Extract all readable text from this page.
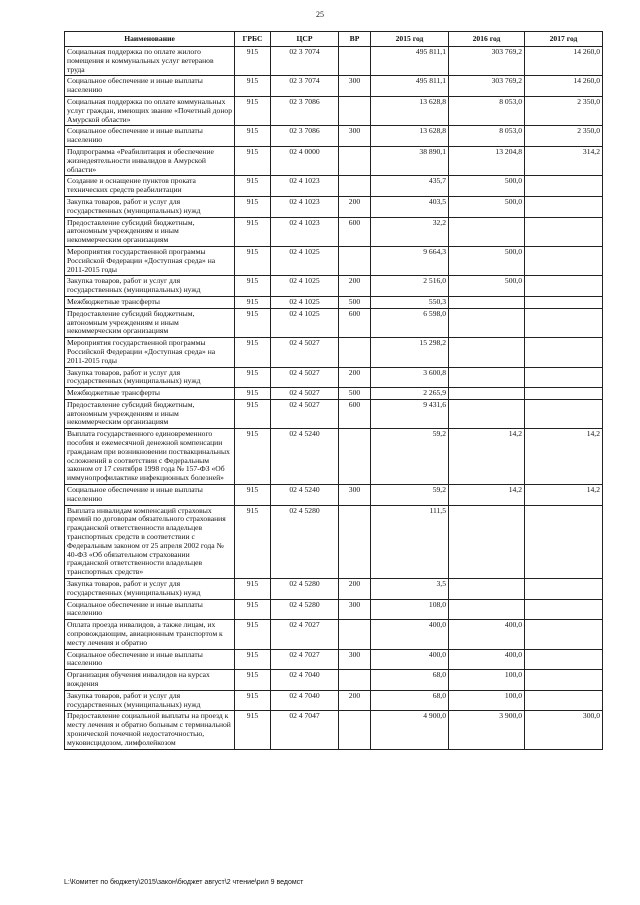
25
Наименование	ГРБС	ЦСР	ВР	2015 год	2016 год	2017 год
Социальная поддержка по оплате жилого помещения и коммунальных услуг ветеранов труда	915	02 3 7074		495 811,1	303 769,2	14 260,0
Социальное обеспечение и иные выплаты населению	915	02 3 7074	300	495 811,1	303 769,2	14 260,0
Социальная поддержка по оплате коммунальных услуг граждан, имеющих звание «Почетный донор Амурской области»	915	02 3 7086		13 628,8	8 053,0	2 350,0
Социальное обеспечение и иные выплаты населению	915	02 3 7086	300	13 628,8	8 053,0	2 350,0
Подпрограмма «Реабилитация и обеспечение жизнедеятельности инвалидов в Амурской области»	915	02 4 0000		38 890,1	13 204,8	314,2
Создание и оснащение пунктов проката технических средств реабилитации	915	02 4 1023		435,7	500,0	
Закупка товаров, работ и услуг для государственных (муниципальных) нужд	915	02 4 1023	200	403,5	500,0	
Предоставление субсидий бюджетным, автономным учреждениям и иным некоммерческим организациям	915	02 4 1023	600	32,2		
Мероприятия государственной программы Российской Федерации «Доступная среда» на 2011-2015 годы	915	02 4 1025		9 664,3	500,0	
Закупка товаров, работ и услуг для государственных (муниципальных) нужд	915	02 4 1025	200	2 516,0	500,0	
Межбюджетные трансферты	915	02 4 1025	500	550,3		
Предоставление субсидий бюджетным, автономным учреждениям и иным некоммерческим организациям	915	02 4 1025	600	6 598,0		
Мероприятия государственной программы Российской Федерации «Доступная среда» на 2011-2015 годы	915	02 4 5027		15 298,2		
Закупка товаров, работ и услуг для государственных (муниципальных) нужд	915	02 4 5027	200	3 600,8		
Межбюджетные трансферты	915	02 4 5027	500	2 265,9		
Предоставление субсидий бюджетным, автономным учреждениям и иным некоммерческим организациям	915	02 4 5027	600	9 431,6		
Выплата государственного единовременного пособия и ежемесячной денежной компенсации гражданам при возникновении поствакцинальных осложнений в соответствии с Федеральным законом от 17 сентября 1998 года № 157-ФЗ «Об иммунопрофилактике инфекционных болезней»	915	02 4 5240		59,2	14,2	14,2
Социальное обеспечение и иные выплаты населению	915	02 4 5240	300	59,2	14,2	14,2
Выплата инвалидам компенсаций страховых премий по договорам обязательного страхования гражданской ответственности владельцев транспортных средств в соответствии с Федеральным законом от 25 апреля 2002 года № 40-ФЗ «Об обязательном страховании гражданской ответственности владельцев транспортных средств»	915	02 4 5280		111,5		
Закупка товаров, работ и услуг для государственных (муниципальных) нужд	915	02 4 5280	200	3,5		
Социальное обеспечение и иные выплаты населению	915	02 4 5280	300	108,0		
Оплата проезда инвалидов, а также лицам, их сопровождающим, авиационным транспортом к месту лечения и обратно	915	02 4 7027		400,0	400,0	
Социальное обеспечение и иные выплаты населению	915	02 4 7027	300	400,0	400,0	
Организация обучения инвалидов на курсах вождения	915	02 4 7040		68,0	100,0	
Закупка товаров, работ и услуг для государственных (муниципальных) нужд	915	02 4 7040	200	68,0	100,0	
Предоставление социальной выплаты на проезд к месту лечения и обратно больным с терминальной хронической почечной недостаточностью, муковисцидозом, лимфолейкозом	915	02 4 7047		4 900,0	3 900,0	300,0
L:\Комитет по бюджету\2015\закон\бюджет август\2 чтение\рил 9 ведомст
